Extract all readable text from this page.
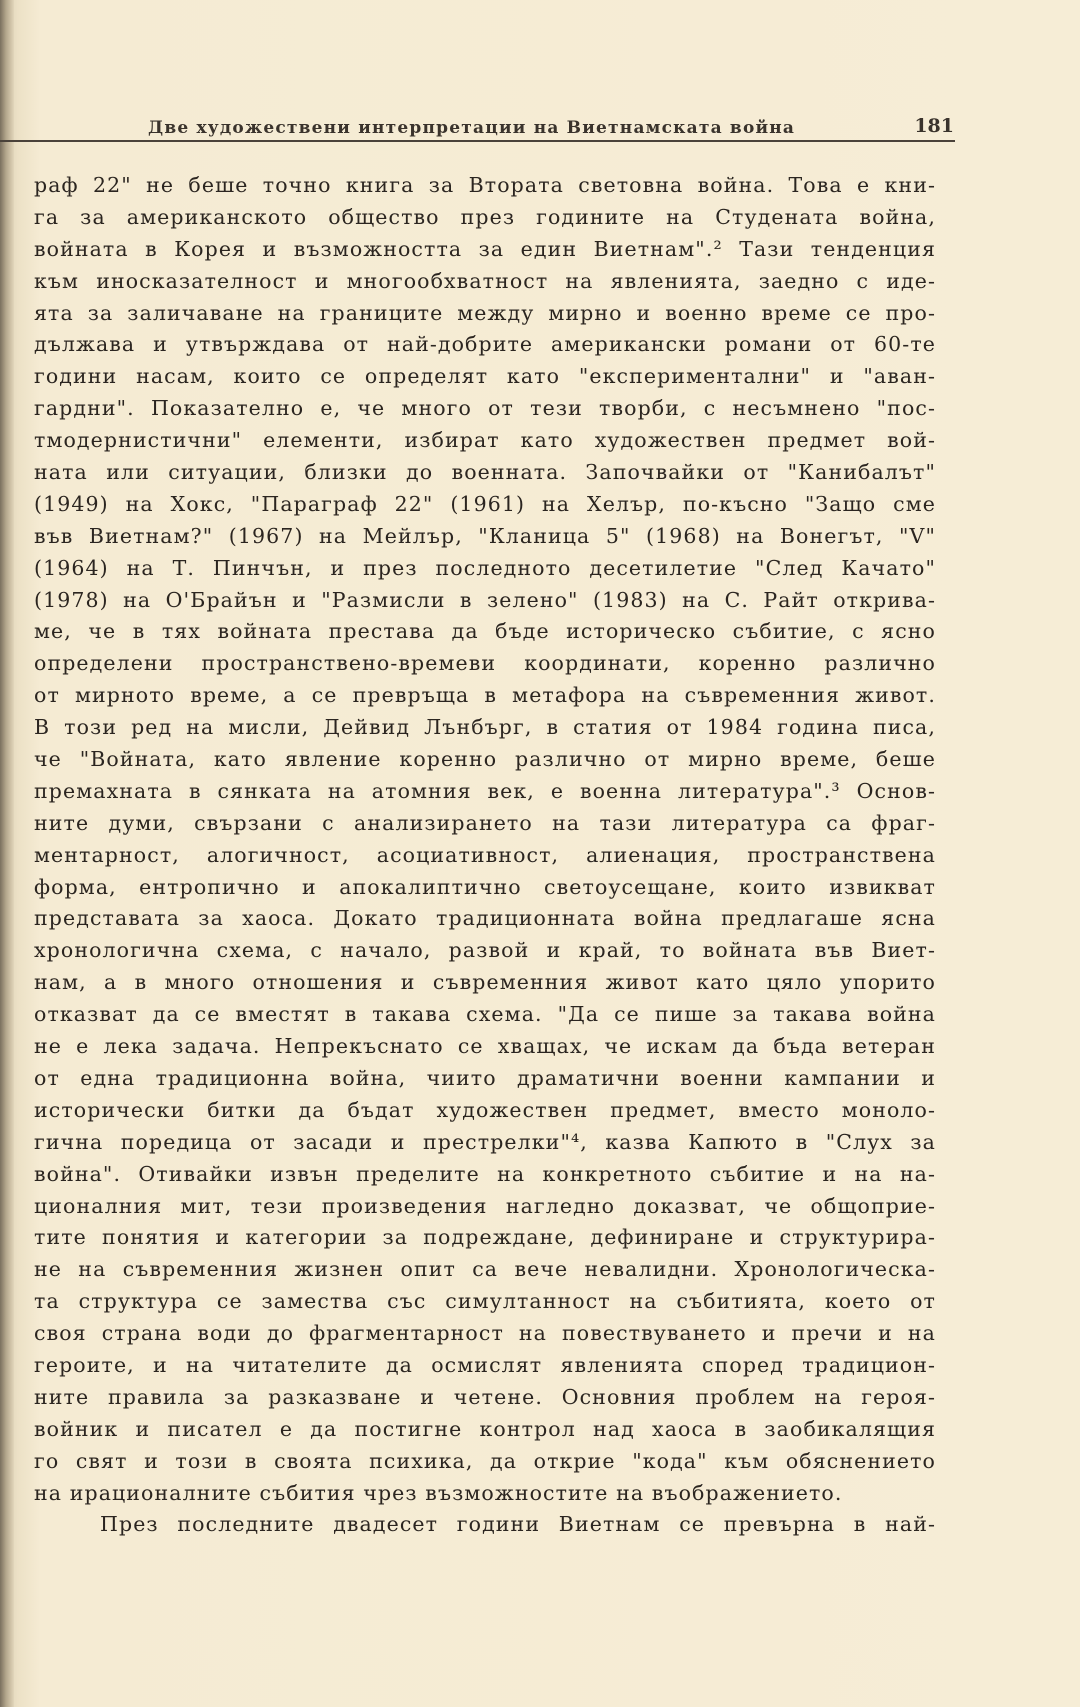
Две художествени интерпретации на Виетнамската война	181
раф 22" не беше точно книга за Втората световна война. Това е кни-
га за американското общество през годините на Студената война,
войната в Корея и възможността за един Виетнам".² Тази тенденция
към иносказателност и многообхватност на явленията, заедно с иде-
ята за заличаване на границите между мирно и военно време се про-
дължава и утвърждава от най-добрите американски романи от 60-те
години насам, които се определят като "експериментални" и "аван-
гардни". Показателно е, че много от тези творби, с несъмнено "пос-
тмодернистични" елементи, избират като художествен предмет вой-
ната или ситуации, близки до военната. Започвайки от "Канибалът"
(1949) на Хокс, "Параграф 22" (1961) на Хелър, по-късно "Защо сме
във Виетнам?" (1967) на Мейлър, "Кланица 5" (1968) на Вонегът, "V"
(1964) на Т. Пинчън, и през последното десетилетие "След Качато"
(1978) на О'Брайън и "Размисли в зелено" (1983) на С. Райт открива-
ме, че в тях войната престава да бъде историческо събитие, с ясно
определени пространствено-времеви координати, коренно различно
от мирното време, а се превръща в метафора на съвременния живот.
В този ред на мисли, Дейвид Лънбърг, в статия от 1984 година писа,
че "Войната, като явление коренно различно от мирно време, беше
премахната в сянката на атомния век, е военна литература".³ Основ-
ните думи, свързани с анализирането на тази литература са фраг-
ментарност, алогичност, асоциативност, алиенация, пространствена
форма, ентропично и апокалиптично светоусещане, които извикват
представата за хаоса. Докато традиционната война предлагаше ясна
хронологична схема, с начало, развой и край, то войната във Виет-
нам, а в много отношения и съвременния живот като цяло упорито
отказват да се вместят в такава схема. "Да се пише за такава война
не е лека задача. Непрекъснато се хващах, че искам да бъда ветеран
от една традиционна война, чиито драматични военни кампании и
исторически битки да бъдат художествен предмет, вместо моноло-
гична поредица от засади и престрелки"⁴, казва Капюто в "Слух за
война". Отивайки извън пределите на конкретното събитие и на на-
ционалния мит, тези произведения нагледно доказват, че общоприе-
тите понятия и категории за подреждане, дефиниране и структурира-
не на съвременния жизнен опит са вече невалидни. Хронологическа-
та структура се замества със симултанност на събитията, което от
своя страна води до фрагментарност на повествуването и пречи и на
героите, и на читателите да осмислят явленията според традицион-
ните правила за разказване и четене. Основния проблем на героя-
войник и писател е да постигне контрол над хаоса в заобикалящия
го свят и този в своята психика, да открие "кода" към обяснението
на ирационалните събития чрез възможностите на въображението.
През последните двадесет години Виетнам се превърна в най-
